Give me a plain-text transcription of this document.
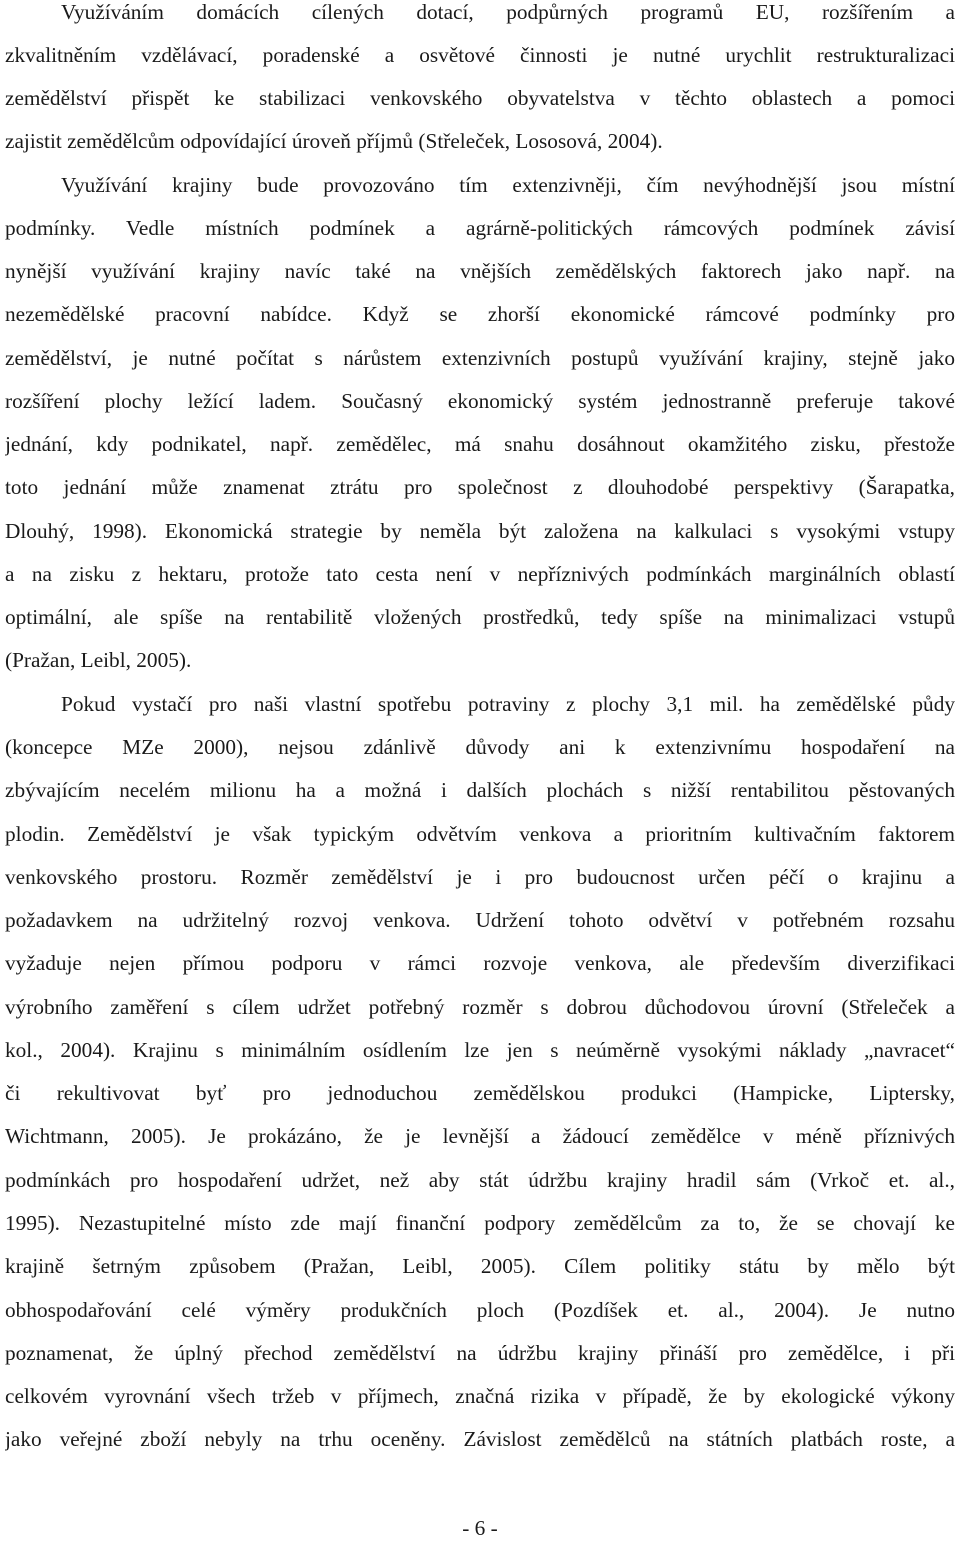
Využíváním domácích cílených dotací, podpůrných programů EU, rozšířením a
zkvalitněním vzdělávací, poradenské a osvětové činnosti je nutné urychlit restrukturalizaci
zemědělství přispět ke stabilizaci venkovského obyvatelstva v těchto oblastech a pomoci
zajistit zemědělcům odpovídající úroveň příjmů (Střeleček, Lososová, 2004).
Využívání krajiny bude provozováno tím extenzivněji, čím nevýhodnější jsou místní
podmínky. Vedle místních podmínek a agrárně-politických rámcových podmínek závisí
nynější využívání krajiny navíc také na vnějších zemědělských faktorech jako např. na
nezemědělské pracovní nabídce. Když se zhorší ekonomické rámcové podmínky pro
zemědělství, je nutné počítat s nárůstem extenzivních postupů využívání krajiny, stejně jako
rozšíření plochy ležící ladem. Současný ekonomický systém jednostranně preferuje takové
jednání, kdy podnikatel, např. zemědělec, má snahu dosáhnout okamžitého zisku, přestože
toto jednání může znamenat ztrátu pro společnost z dlouhodobé perspektivy (Šarapatka,
Dlouhý, 1998). Ekonomická strategie by neměla být založena na kalkulaci s vysokými vstupy
a na zisku z hektaru, protože tato cesta není v nepříznivých podmínkách marginálních oblastí
optimální, ale spíše na rentabilitě vložených prostředků, tedy spíše na minimalizaci vstupů
(Pražan, Leibl, 2005).
Pokud vystačí pro naši vlastní spotřebu potraviny z plochy 3,1 mil. ha zemědělské půdy
(koncepce MZe 2000), nejsou zdánlivě důvody ani k extenzivnímu hospodaření na
zbývajícím necelém milionu ha a možná i dalších plochách s nižší rentabilitou pěstovaných
plodin. Zemědělství je však typickým odvětvím venkova a prioritním kultivačním faktorem
venkovského prostoru. Rozměr zemědělství je i pro budoucnost určen péčí o krajinu a
požadavkem na udržitelný rozvoj venkova. Udržení tohoto odvětví v potřebném rozsahu
vyžaduje nejen přímou podporu v rámci rozvoje venkova, ale především diverzifikaci
výrobního zaměření s cílem udržet potřebný rozměr s dobrou důchodovou úrovní (Střeleček a
kol., 2004). Krajinu s minimálním osídlením lze jen s neúměrně vysokými náklady „navracet“
či rekultivovat byť pro jednoduchou zemědělskou produkci (Hampicke, Liptersky,
Wichtmann, 2005). Je prokázáno, že je levnější a žádoucí zemědělce v méně příznivých
podmínkách pro hospodaření udržet, než aby stát údržbu krajiny hradil sám (Vrkoč et. al.,
1995). Nezastupitelné místo zde mají finanční podpory zemědělcům za to, že se chovají ke
krajině šetrným způsobem (Pražan, Leibl, 2005). Cílem politiky státu by mělo být
obhospodařování celé výměry produkčních ploch (Pozdíšek et. al., 2004). Je nutno
poznamenat, že úplný přechod zemědělství na údržbu krajiny přináší pro zemědělce, i při
celkovém vyrovnání všech tržeb v příjmech, značná rizika v případě, že by ekologické výkony
jako veřejné zboží nebyly na trhu oceněny. Závislost zemědělců na státních platbách roste, a
- 6 -
